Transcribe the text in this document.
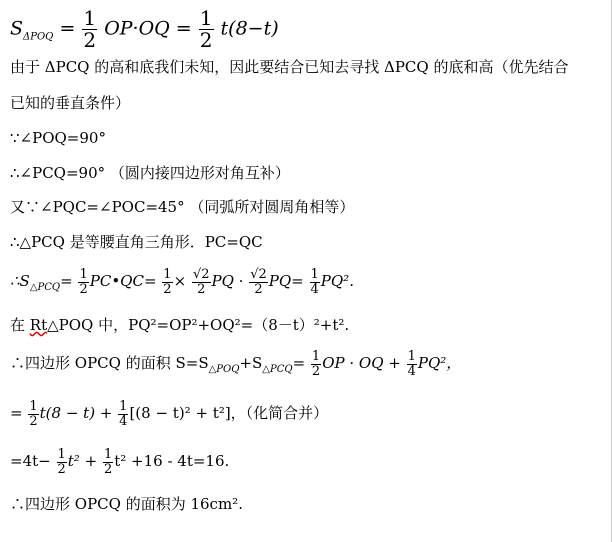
$S_{\Delta POQ} = \frac{1}{2} OP\cdot OQ = \frac{1}{2} t(8-t)$
由于 ΔPCQ 的高和底我们未知，因此要结合已知去寻找 ΔPCQ 的底和高（优先结合
已知的垂直条件）
∵∠POQ=90°
∴∠PCQ=90° （圆内接四边形对角互补）
又∵∠PQC=∠POC=45° （同弧所对圆周角相等）
∴△PCQ 是等腰直角三角形．PC=QC
$\therefore S_{\triangle PCQ}= \frac{1}{2}$ PC•QC= $\frac{1}{2} \times \frac{√2}{2}$ PQ · $\frac{√2}{2} PQ= \frac{1}{4} PQ^2$.
在 Rt△POQ 中，PQ²=OP²+OQ²=（8－t）²+t².
∴四边形 OPCQ 的面积 $S=S_{\triangle POQ}+S_{\triangle PCQ}= \frac{1}{2}$ OP · OQ + $\frac{1}{4} PQ^2$，
= $\frac{1}{2} t(8 - t) + \frac{1}{4} [(8 - t)^2 + t^2]$，（化简合并）
$=4t- \frac{1}{2} t^2 + \frac{1}{2} t^2 +16 - 4t=16$.
∴四边形 OPCQ 的面积为 16cm².
